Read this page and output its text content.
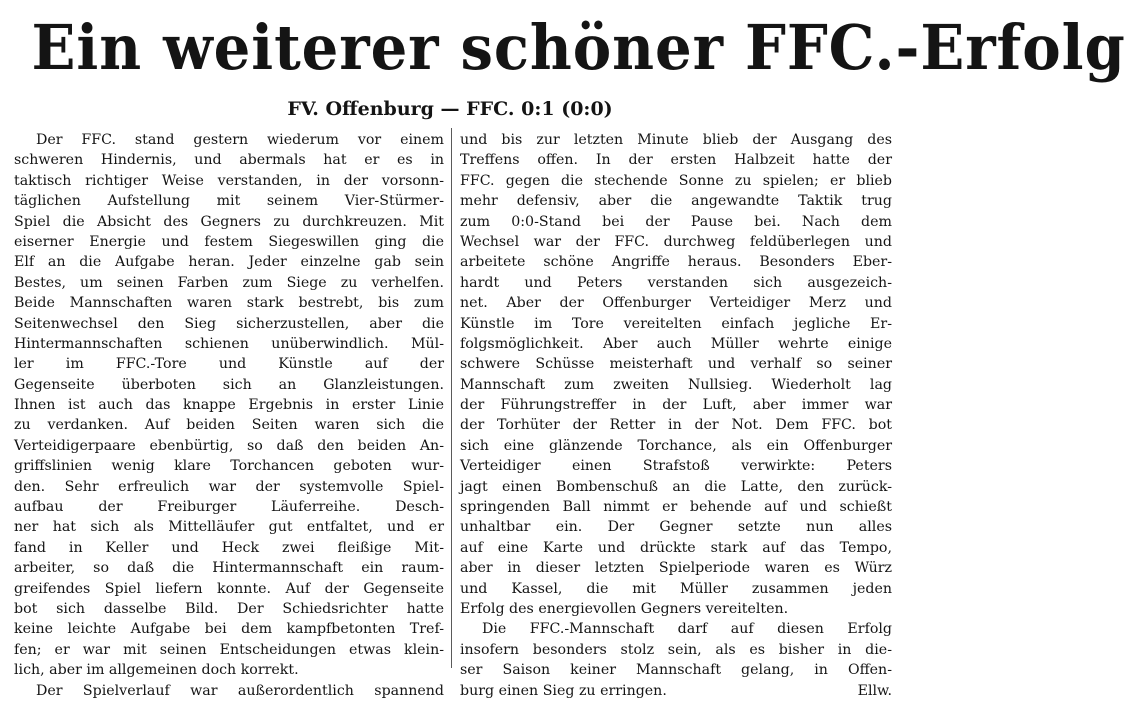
Ein weiterer schöner FFC.-Erfolg
FV. Offenburg — FFC. 0:1 (0:0)
Der FFC. stand gestern wiederum vor einem
schweren Hindernis, und abermals hat er es in
taktisch richtiger Weise verstanden, in der vorsonn-
täglichen Aufstellung mit seinem Vier-Stürmer-
Spiel die Absicht des Gegners zu durchkreuzen. Mit
eiserner Energie und festem Siegeswillen ging die
Elf an die Aufgabe heran. Jeder einzelne gab sein
Bestes, um seinen Farben zum Siege zu verhelfen.
Beide Mannschaften waren stark bestrebt, bis zum
Seitenwechsel den Sieg sicherzustellen, aber die
Hintermannschaften schienen unüberwindlich. Mül-
ler im FFC.-Tore und Künstle auf der
Gegenseite überboten sich an Glanzleistungen.
Ihnen ist auch das knappe Ergebnis in erster Linie
zu verdanken. Auf beiden Seiten waren sich die
Verteidigerpaare ebenbürtig, so daß den beiden An-
griffslinien wenig klare Torchancen geboten wur-
den. Sehr erfreulich war der systemvolle Spiel-
aufbau der Freiburger Läuferreihe. Desch-
ner hat sich als Mittelläufer gut entfaltet, und er
fand in Keller und Heck zwei fleißige Mit-
arbeiter, so daß die Hintermannschaft ein raum-
greifendes Spiel liefern konnte. Auf der Gegenseite
bot sich dasselbe Bild. Der Schiedsrichter hatte
keine leichte Aufgabe bei dem kampfbetonten Tref-
fen; er war mit seinen Entscheidungen etwas klein-
lich, aber im allgemeinen doch korrekt.
Der Spielverlauf war außerordentlich spannend
und bis zur letzten Minute blieb der Ausgang des
Treffens offen. In der ersten Halbzeit hatte der
FFC. gegen die stechende Sonne zu spielen; er blieb
mehr defensiv, aber die angewandte Taktik trug
zum 0:0-Stand bei der Pause bei. Nach dem
Wechsel war der FFC. durchweg feldüberlegen und
arbeitete schöne Angriffe heraus. Besonders Eber-
hardt und Peters verstanden sich ausgezeich-
net. Aber der Offenburger Verteidiger Merz und
Künstle im Tore vereitelten einfach jegliche Er-
folgsmöglichkeit. Aber auch Müller wehrte einige
schwere Schüsse meisterhaft und verhalf so seiner
Mannschaft zum zweiten Nullsieg. Wiederholt lag
der Führungstreffer in der Luft, aber immer war
der Torhüter der Retter in der Not. Dem FFC. bot
sich eine glänzende Torchance, als ein Offenburger
Verteidiger einen Strafstoß verwirkte: Peters
jagt einen Bombenschuß an die Latte, den zurück-
springenden Ball nimmt er behende auf und schießt
unhaltbar ein. Der Gegner setzte nun alles
auf eine Karte und drückte stark auf das Tempo,
aber in dieser letzten Spielperiode waren es Würz
und Kassel, die mit Müller zusammen jeden
Erfolg des energievollen Gegners vereitelten.
Die FFC.-Mannschaft darf auf diesen Erfolg
insofern besonders stolz sein, als es bisher in die-
ser Saison keiner Mannschaft gelang, in Offen-
burg einen Sieg zu erringen.	Ellw.
